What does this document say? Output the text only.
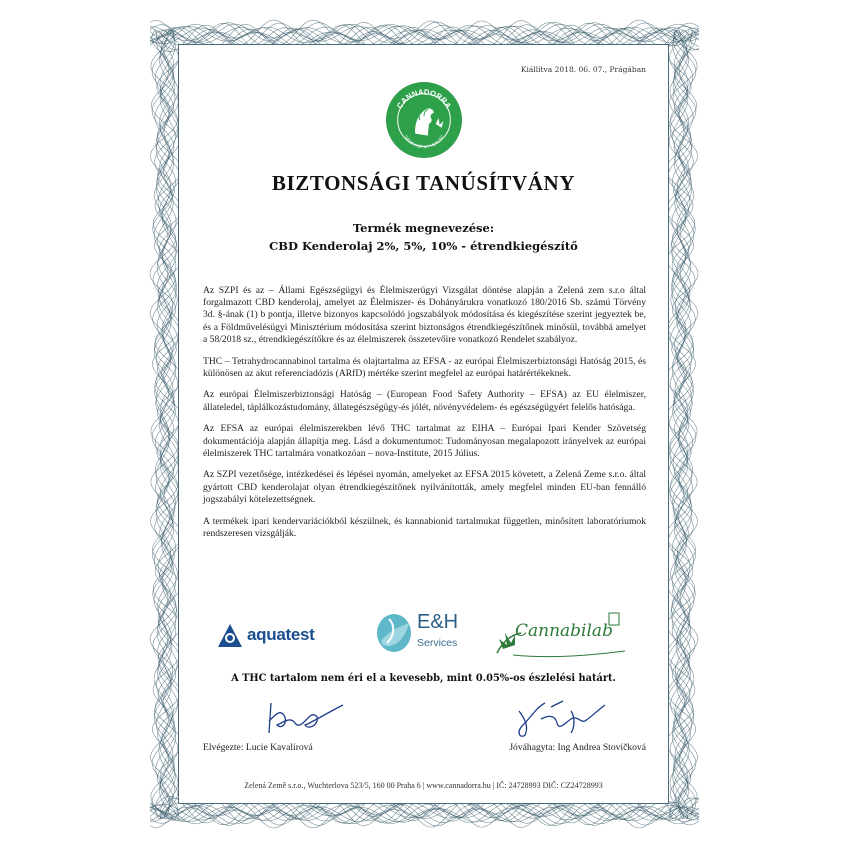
Kiállítva 2018. 06. 07., Prágában
CANNADORRA
"HEMP FOR MY HEALTH"
BIZTONSÁGI TANÚSÍTVÁNY
Termék megnevezése:
CBD Kenderolaj 2%, 5%, 10% - étrendkiegészítő

Az SZPI és az – Állami Egészségügyi és Élelmiszerügyi Vizsgálat döntése alapján a Zelená zem s.r.o által forgalmazott CBD kenderolaj, amelyet az Élelmiszer- és Dohányárukra vonatkozó 180/2016 Sb. számú Törvény 3d. §-ának (1) b pontja, illetve bizonyos kapcsolódó jogszabályok módosítása és kiegészítése szerint jegyeztek be, és a Földművelésügyi Minisztérium módosítása szerint biztonságos étrendkiegészítőnek minősül, továbbá amelyet a 58/2018 sz., étrendkiegészítőkre és az élelmiszerek összetevőire vonatkozó Rendelet szabályoz.

THC – Tetrahydrocannabinol tartalma és olajtartalma az EFSA - az európai Élelmiszerbiztonsági Hatóság 2015, és különösen az akut referenciadózis (ARfD) mértéke szerint megfelel az európai határértékeknek.

Az európai Élelmiszerbiztonsági Hatóság – (European Food Safety Authority – EFSA) az EU élelmiszer, állateledel, táplálkozástudomány, állategészségügy-és jólét, növényvédelem- és egészségügyért felelős hatósága.

Az EFSA az európai élelmiszerekben lévő THC tartalmat az EIHA – Európai Ipari Kender Szövetség dokumentációja alapján állapítja meg. Lásd a dokumentumot: Tudományosan megalapozott irányelvek az európai élelmiszerek THC tartalmára vonatkozóan – nova-Institute, 2015 Július.

Az SZPI vezetősége, intézkedései és lépései nyomán, amelyeket az EFSA 2015 követett, a Zelená Zeme s.r.o. által gyártott CBD kenderolajat olyan étrendkiegészítőnek nyilvánították, amely megfelel minden EU-ban fennálló jogszabályi kötelezettségnek.

A termékek ipari kendervariációkból készülnek, és kannabionid tartalmukat független, minősített laboratóriumok rendszeresen vizsgálják.

aquatest
E&H
Services
Cannabilab
A THC tartalom nem éri el a kevesebb, mint 0.05%-os észlelési határt.
Elvégezte: Lucie Kavalírová	Jóváhagyta: Ing Andrea Stovíčková
Zelená Země s.r.o., Wuchterlova 523/5, 160 00 Praha 6 | www.cannadorra.hu | IČ: 24728993 DIČ: CZ24728993
